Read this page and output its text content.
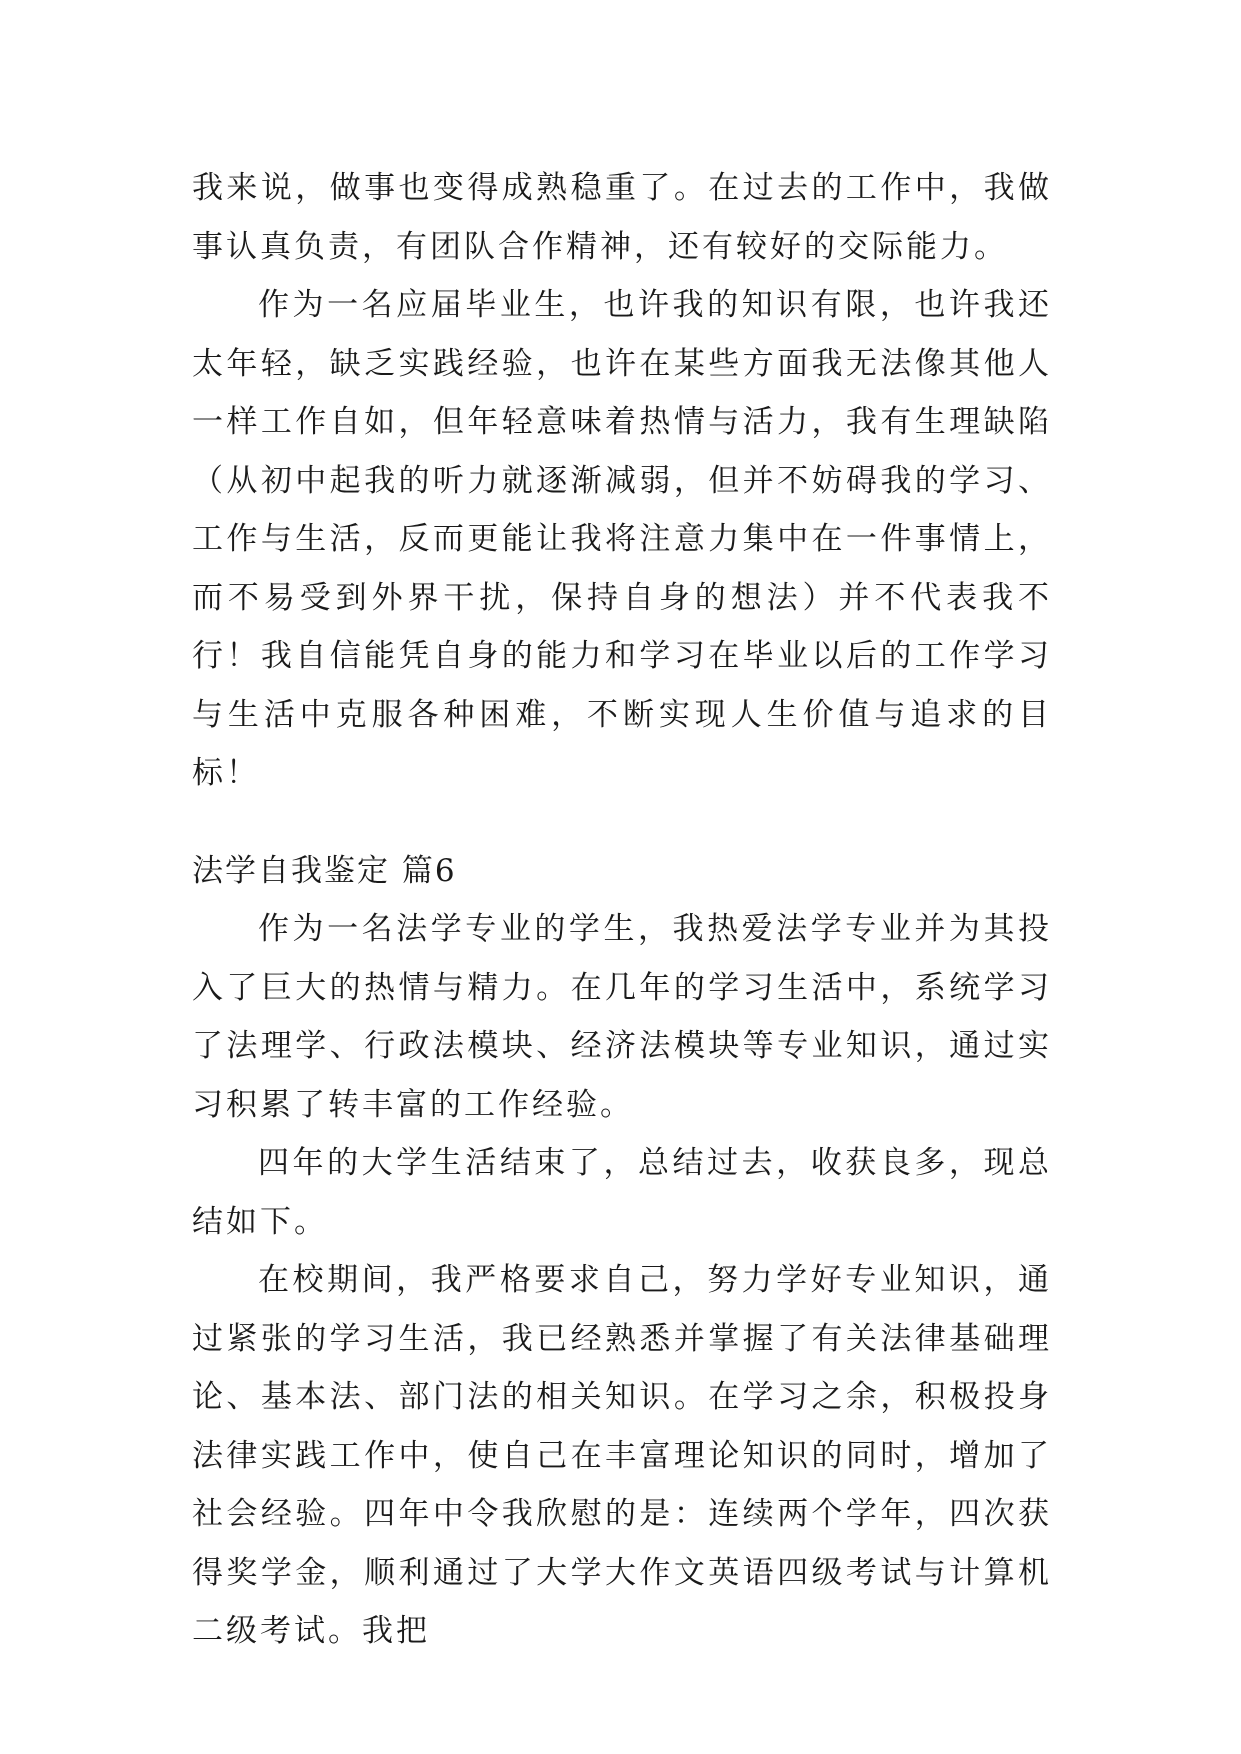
我来说，做事也变得成熟稳重了。在过去的工作中，我做事认真负责，有团队合作精神，还有较好的交际能力。

作为一名应届毕业生，也许我的知识有限，也许我还太年轻，缺乏实践经验，也许在某些方面我无法像其他人一样工作自如，但年轻意味着热情与活力，我有生理缺陷（从初中起我的听力就逐渐减弱，但并不妨碍我的学习、工作与生活，反而更能让我将注意力集中在一件事情上，而不易受到外界干扰，保持自身的想法）并不代表我不行！我自信能凭自身的能力和学习在毕业以后的工作学习与生活中克服各种困难，不断实现人生价值与追求的目标！

法学自我鉴定 篇6

作为一名法学专业的学生，我热爱法学专业并为其投入了巨大的热情与精力。在几年的学习生活中，系统学习了法理学、行政法模块、经济法模块等专业知识，通过实习积累了转丰富的工作经验。

四年的大学生活结束了，总结过去，收获良多，现总结如下。

在校期间，我严格要求自己，努力学好专业知识，通过紧张的学习生活，我已经熟悉并掌握了有关法律基础理论、基本法、部门法的相关知识。在学习之余，积极投身法律实践工作中，使自己在丰富理论知识的同时，增加了社会经验。四年中令我欣慰的是：连续两个学年，四次获得奖学金，顺利通过了大学大作文英语四级考试与计算机二级考试。我把
